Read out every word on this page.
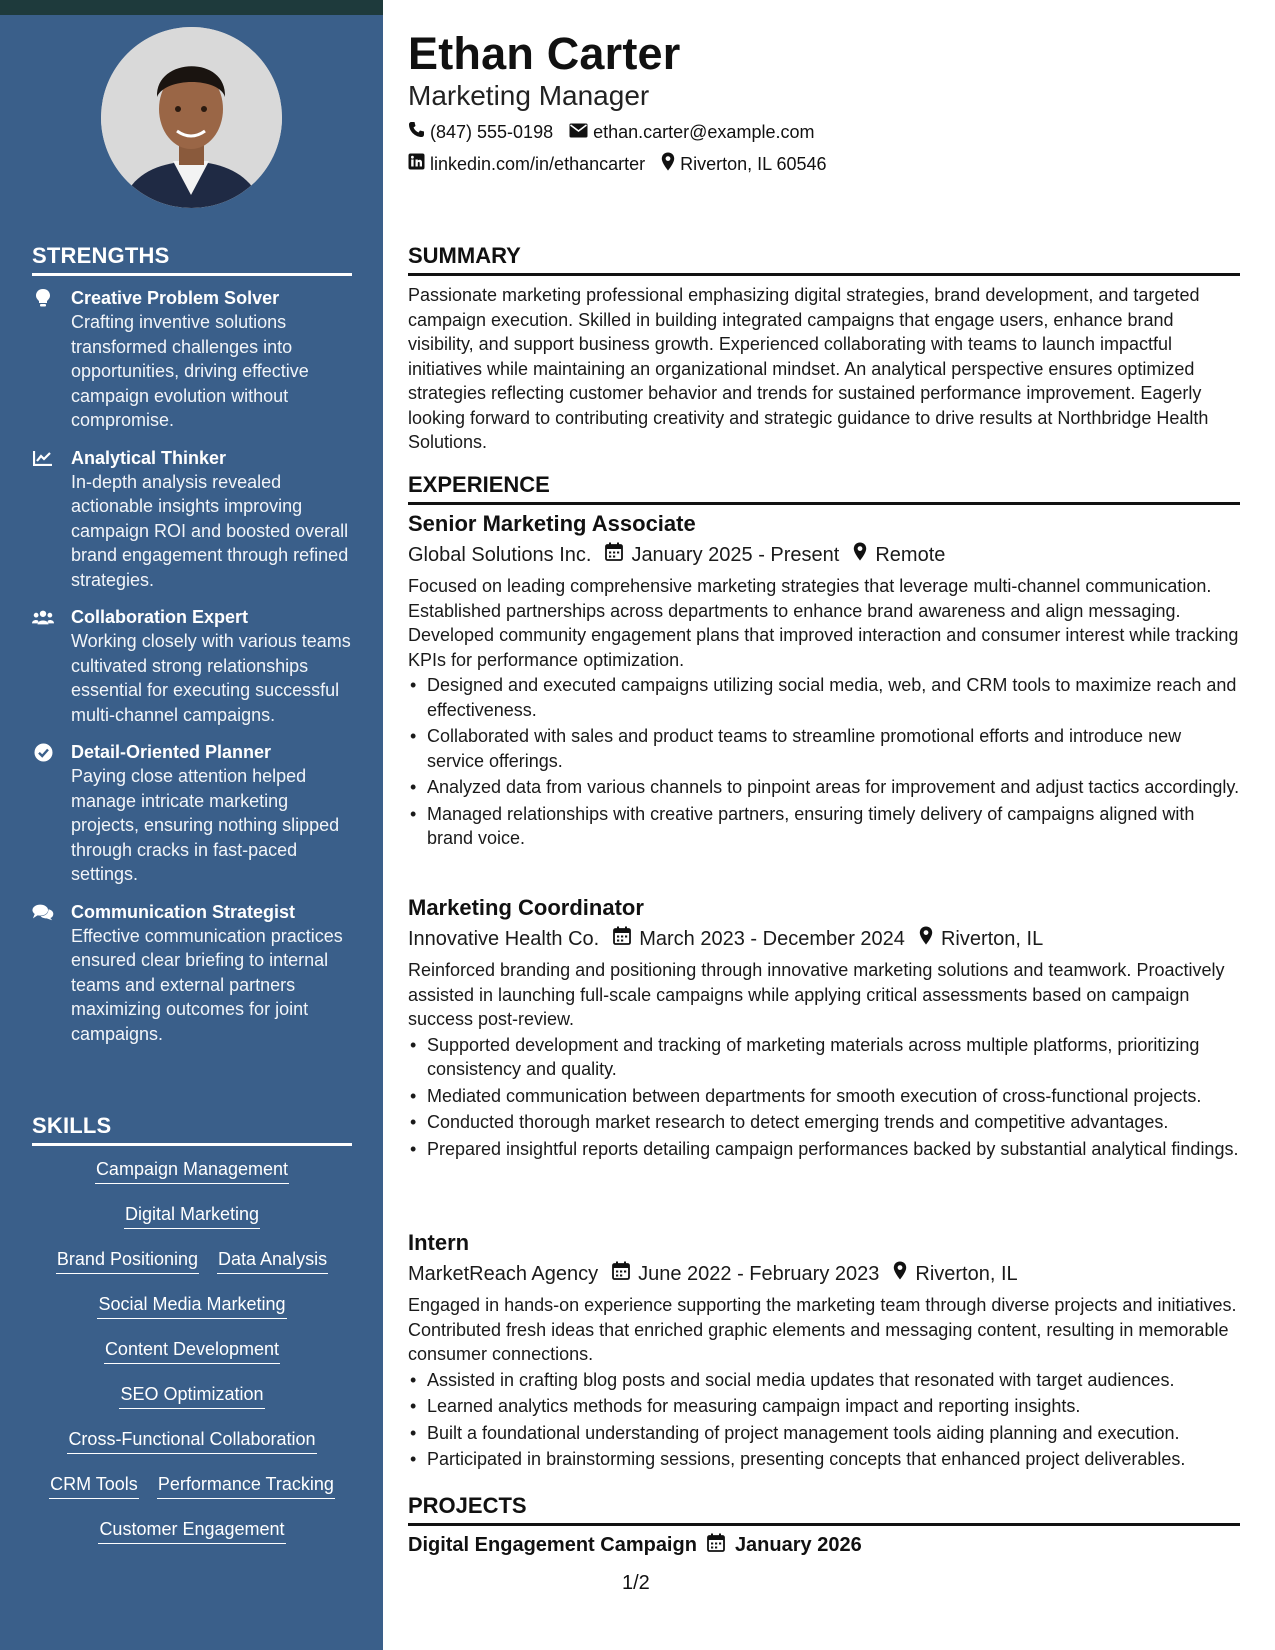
STRENGTHS
Creative Problem Solver
Crafting inventive solutions transformed challenges into opportunities, driving effective campaign evolution without compromise.
Analytical Thinker
In-depth analysis revealed actionable insights improving campaign ROI and boosted overall brand engagement through refined strategies.
Collaboration Expert
Working closely with various teams cultivated strong relationships essential for executing successful multi-channel campaigns.
Detail-Oriented Planner
Paying close attention helped manage intricate marketing projects, ensuring nothing slipped through cracks in fast-paced settings.
Communication Strategist
Effective communication practices ensured clear briefing to internal teams and external partners maximizing outcomes for joint campaigns.
SKILLS
Campaign Management
Digital Marketing
Brand Positioning Data Analysis
Social Media Marketing
Content Development
SEO Optimization
Cross-Functional Collaboration
CRM Tools Performance Tracking
Customer Engagement
Ethan Carter
Marketing Manager
(847) 555-0198 ethan.carter@example.com
linkedin.com/in/ethancarter Riverton, IL 60546
SUMMARY
Passionate marketing professional emphasizing digital strategies, brand development, and targeted campaign execution. Skilled in building integrated campaigns that engage users, enhance brand visibility, and support business growth. Experienced collaborating with teams to launch impactful initiatives while maintaining an organizational mindset. An analytical perspective ensures optimized strategies reflecting customer behavior and trends for sustained performance improvement. Eagerly looking forward to contributing creativity and strategic guidance to drive results at Northbridge Health Solutions.
EXPERIENCE
Senior Marketing Associate
Global Solutions Inc. January 2025 - Present Remote
Focused on leading comprehensive marketing strategies that leverage multi-channel communication. Established partnerships across departments to enhance brand awareness and align messaging. Developed community engagement plans that improved interaction and consumer interest while tracking KPIs for performance optimization.
• Designed and executed campaigns utilizing social media, web, and CRM tools to maximize reach and effectiveness.
• Collaborated with sales and product teams to streamline promotional efforts and introduce new service offerings.
• Analyzed data from various channels to pinpoint areas for improvement and adjust tactics accordingly.
• Managed relationships with creative partners, ensuring timely delivery of campaigns aligned with brand voice.
Marketing Coordinator
Innovative Health Co. March 2023 - December 2024 Riverton, IL
Reinforced branding and positioning through innovative marketing solutions and teamwork. Proactively assisted in launching full-scale campaigns while applying critical assessments based on campaign success post-review.
• Supported development and tracking of marketing materials across multiple platforms, prioritizing consistency and quality.
• Mediated communication between departments for smooth execution of cross-functional projects.
• Conducted thorough market research to detect emerging trends and competitive advantages.
• Prepared insightful reports detailing campaign performances backed by substantial analytical findings.
Intern
MarketReach Agency June 2022 - February 2023 Riverton, IL
Engaged in hands-on experience supporting the marketing team through diverse projects and initiatives. Contributed fresh ideas that enriched graphic elements and messaging content, resulting in memorable consumer connections.
• Assisted in crafting blog posts and social media updates that resonated with target audiences.
• Learned analytics methods for measuring campaign impact and reporting insights.
• Built a foundational understanding of project management tools aiding planning and execution.
• Participated in brainstorming sessions, presenting concepts that enhanced project deliverables.
PROJECTS
Digital Engagement Campaign January 2026
1/2
